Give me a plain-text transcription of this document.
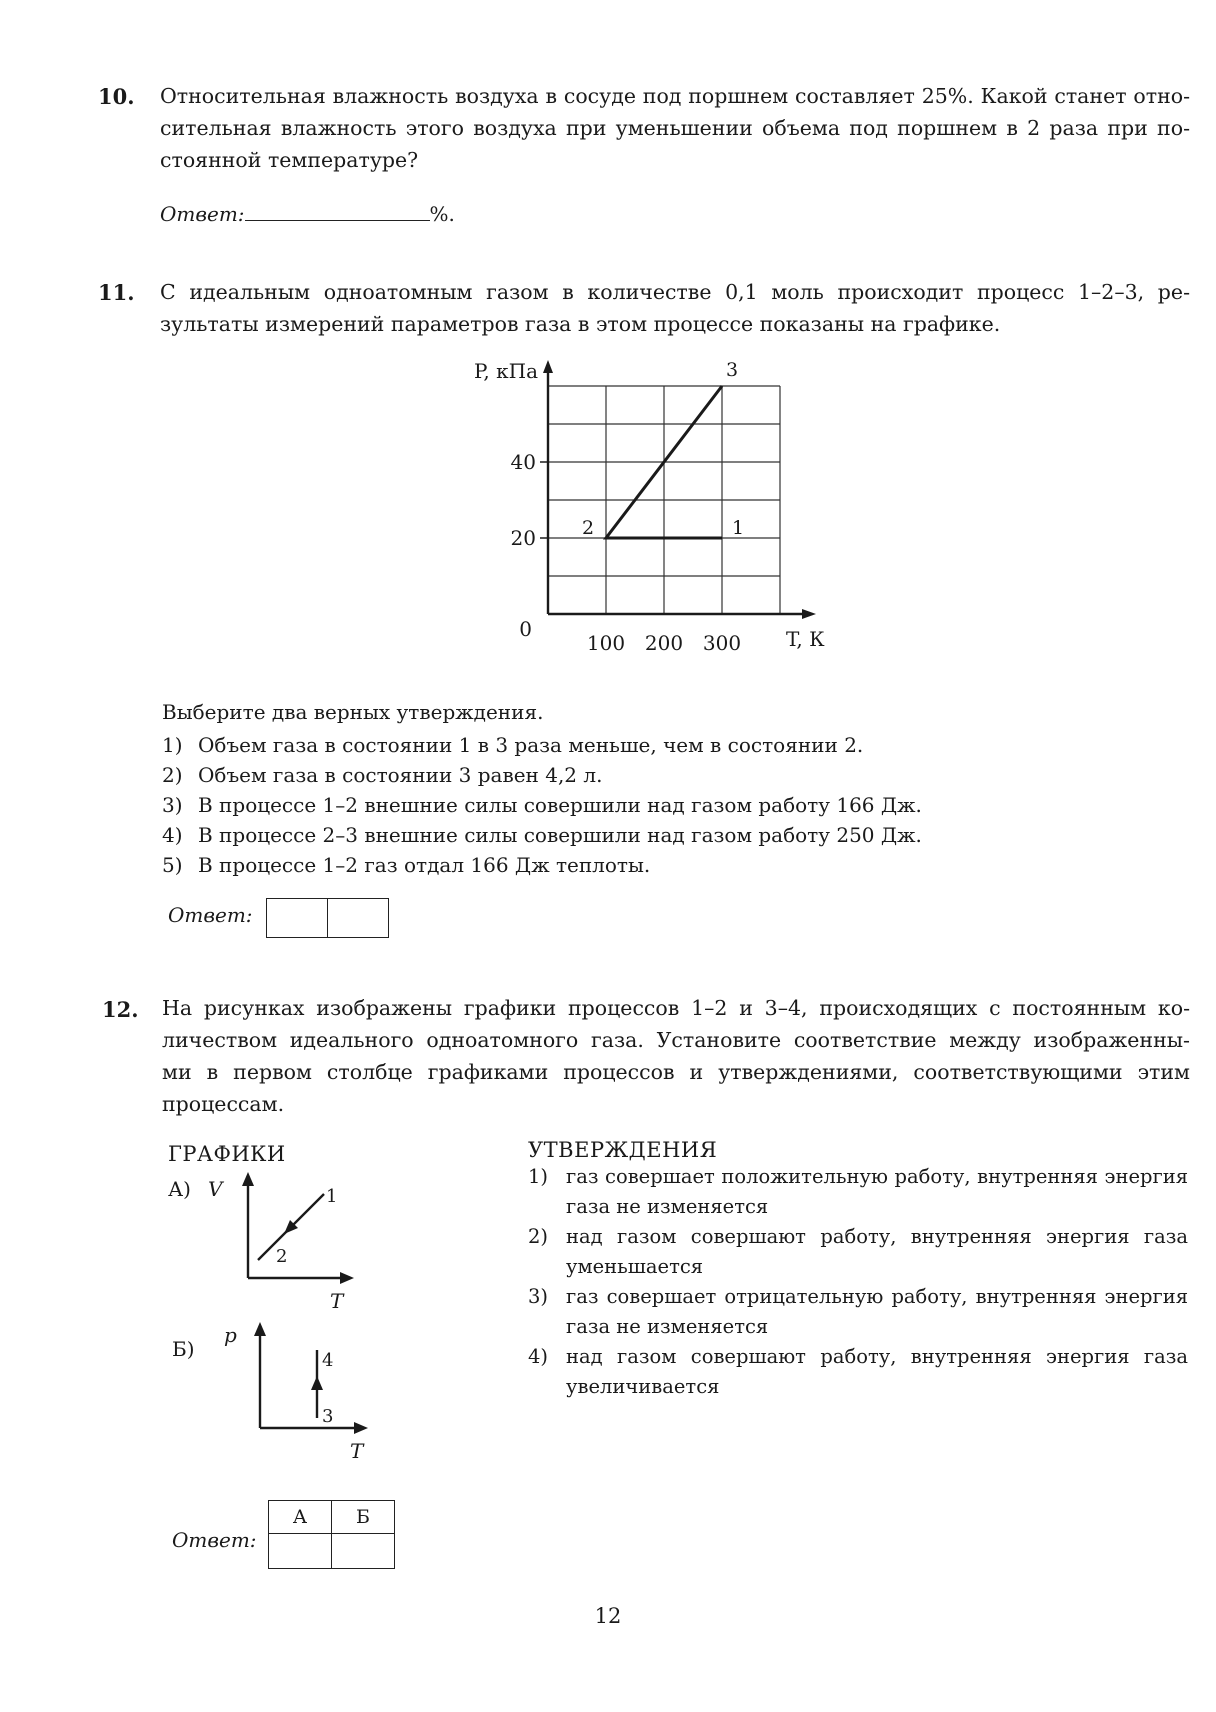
10. Относительная влажность воздуха в сосуде под поршнем составляет 25%. Какой станет отно-
сительная влажность этого воздуха при уменьшении объема под поршнем в 2 раза при по-
стоянной температуре?
Ответ:	%.
11. С идеальным одноатомным газом в количестве 0,1 моль происходит процесс 1–2–3, ре-
зультаты измерений параметров газа в этом процессе показаны на графике.
P, кПа
T, К
100 200 300
0
20
40
1
2
3
Выберите два верных утверждения.
1) Объем газа в состоянии 1 в 3 раза меньше, чем в состоянии 2.
2) Объем газа в состоянии 3 равен 4,2 л.
3) В процессе 1–2 внешние силы совершили над газом работу 166 Дж.
4) В процессе 2–3 внешние силы совершили над газом работу 250 Дж.
5) В процессе 1–2 газ отдал 166 Дж теплоты.
Ответ:

12. На рисунках изображены графики процессов 1–2 и 3–4, происходящих с постоянным ко-
личеством идеального одноатомного газа. Установите соответствие между изображенны-
ми в первом столбце графиками процессов и утверждениями, соответствующими этим
процессам.
ГРАФИКИ	УТВЕРЖДЕНИЯ
А) V	1
2
T
Б)
p
4
3
T
1) газ совершает положительную работу, внутренняя энергия газа не изменяется
2) над газом совершают работу, внутренняя энергия газа уменьшается
3) газ совершает отрицательную работу, внутренняя энергия газа не изменяется
4) над газом совершают работу, внутренняя энергия газа увеличивается
Ответ:
А	Б

12
